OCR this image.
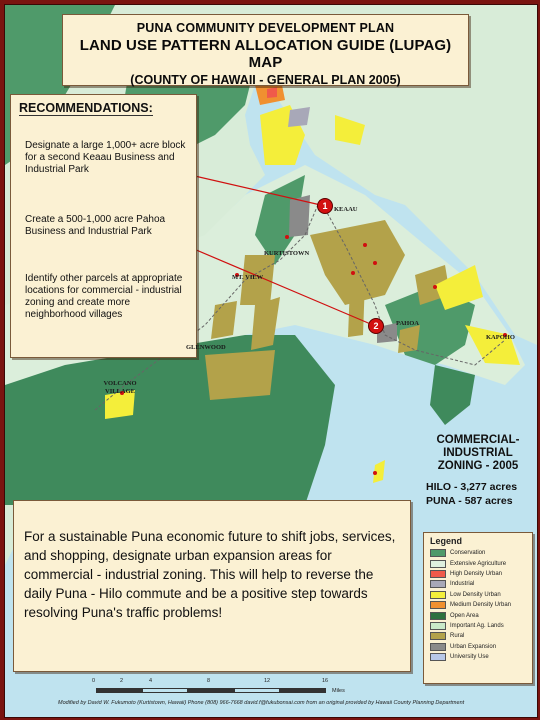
PUNA COMMUNITY DEVELOPMENT PLAN
LAND USE PATTERN ALLOCATION GUIDE (LUPAG) MAP
(COUNTY OF HAWAII - GENERAL PLAN 2005)
RECOMMENDATIONS:
Designate a large 1,000+ acre block for a second Keaau Business and Industrial Park
Create a 500-1,000 acre Pahoa Business and Industrial Park
Identify other parcels at appropriate locations for commercial - industrial zoning and create more neighborhood villages
1
2
KEAAU
KURTISTOWN
MT. VIEW
GLENWOOD
PAHOA
KAPOHO
VOLCANO VILLAGE
COMMERCIAL-
INDUSTRIAL
ZONING - 2005
HILO - 3,277 acres
PUNA - 587 acres
For a sustainable Puna economic future to shift jobs, services, and shopping, designate urban expansion areas for commercial - industrial zoning. This will help to reverse the daily Puna - Hilo commute and be a positive step towards resolving Puna's traffic problems!
Legend
Conservation
Extensive Agriculture
High Density Urban
Industrial
Low Density Urban
Medium Density Urban
Open Area
Important Ag. Lands
Rural
Urban Expansion
University Use
0	2	4	8	12	16
Miles
Modified by David W. Fukumoto (Kurtistown, Hawaii) Phone (808) 966-7668 david.f@fukubonsai.com from an original provided by Hawaii County Planning Department
